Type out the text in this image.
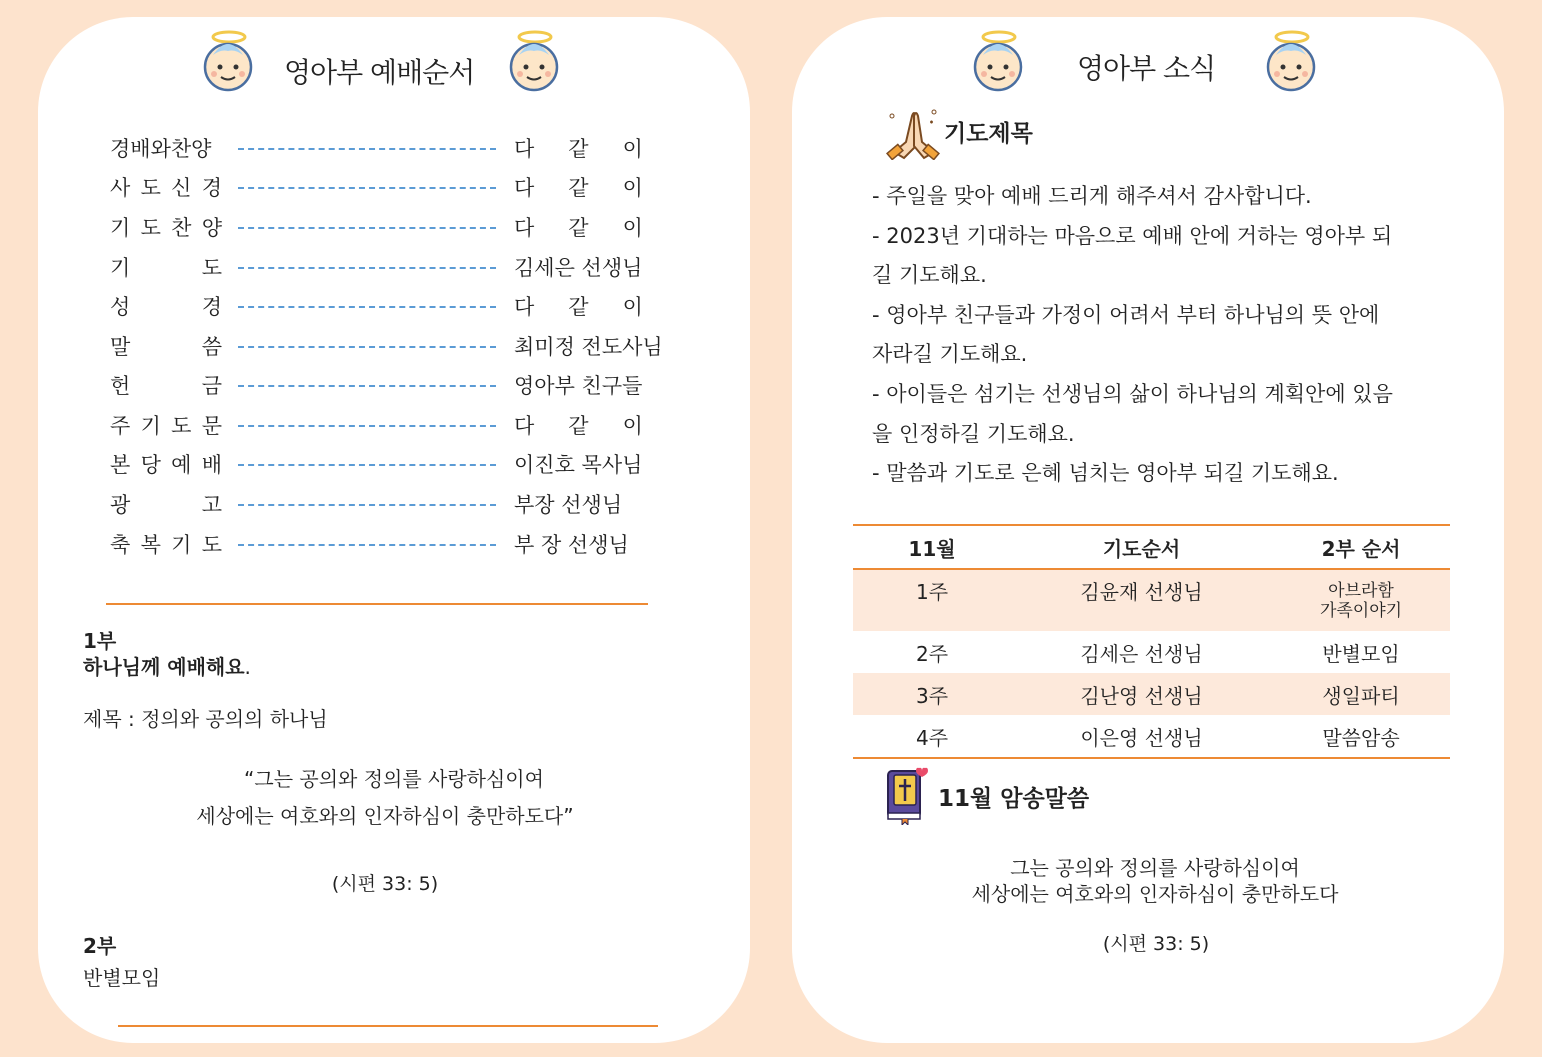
영아부 예배순서
경배와찬양	다같이
사 도 신 경	다같이
기 도 찬 양	다같이
기	도	김세은 선생님
성	경	다같이
말	씀	최미정 전도사님
헌	금	영아부 친구들
주 기 도 문	다같이
본 당 예 배	이진호 목사님
광	고	부장 선생님
축 복 기 도	부 장 선생님
1부
하나님께 예배해요.
제목 : 정의와 공의의 하나님
“그는 공의와 정의를 사랑하심이여
세상에는 여호와의 인자하심이 충만하도다”
(시편 33: 5)
2부
반별모임
영아부 소식
기도제목
- 주일을 맞아 예배 드리게 해주셔서 감사합니다.
- 2023년 기대하는 마음으로 예배 안에 거하는 영아부 되
길 기도해요.
- 영아부 친구들과 가정이 어려서 부터 하나님의 뜻 안에
자라길 기도해요.
- 아이들은 섬기는 선생님의 삶이 하나님의 계획안에 있음
을 인정하길 기도해요.
- 말씀과 기도로 은혜 넘치는 영아부 되길 기도해요.
11월	기도순서	2부 순서
1주	김윤재 선생님	아브라함
가족이야기

2주	김세은 선생님	반별모임
3주	김난영 선생님	생일파티
4주	이은영 선생님	말씀암송
11월 암송말씀
그는 공의와 정의를 사랑하심이여
세상에는 여호와의 인자하심이 충만하도다
(시편 33: 5)
